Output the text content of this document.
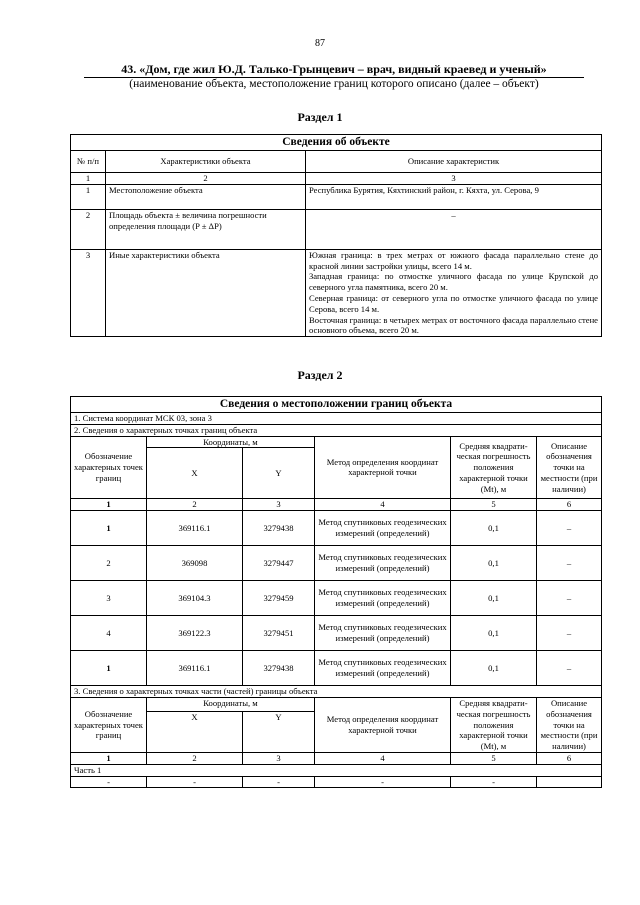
87
43. «Дом, где жил Ю.Д. Талько-Грынцевич – врач, видный краевед и ученый»
(наименование объекта, местоположение границ которого описано (далее – объект)
Раздел 1
Сведения об объекте		
№ п/п	Характеристики объекта	Описание характеристик
1	2	3
1	Местоположение объекта	Республика Бурятия, Кяхтинский район, г. Кяхта, ул. Серова, 9
2	Площадь объекта ± величина погрешности определения площади (P ± ΔP)	–
3	Иные характеристики объекта	Южная граница: в трех метрах от южного фасада параллельно стене до красной линии застройки улицы, всего 14 м.
Западная граница: по отмостке уличного фасада по улице Крупской до северного угла памятника, всего 20 м.
Северная граница: от северного угла по отмостке уличного фасада по улице Серова, всего 14 м.
Восточная граница: в четырех метрах от восточного фасада параллельно стене основного объема, всего 20 м.
Раздел 2
Сведения о местоположении границ объекта					
1. Система координат МСК 03, зона 3					
2. Сведения о характерных точках границ объекта					
Обозначение характерных точек границ	Координаты, м		Метод определения координат характерной точки	Средняя квадрати-ческая погрешность положения характерной точки (Mt), м	Описание обозначения точки на местности (при наличии)
	X	Y			
1	2	3	4	5	6
1	369116.1	3279438	Метод спутниковых геодезических измерений (определений)	0,1	–
2	369098	3279447	Метод спутниковых геодезических измерений (определений)	0,1	–
3	369104.3	3279459	Метод спутниковых геодезических измерений (определений)	0,1	–
4	369122.3	3279451	Метод спутниковых геодезических измерений (определений)	0,1	–
1	369116.1	3279438	Метод спутниковых геодезических измерений (определений)	0,1	–
3. Сведения о характерных точках части (частей) границы объекта					
Обозначение характерных точек границ	Координаты, м		Метод определения координат характерной точки	Средняя квадрати-ческая погрешность положения характерной точки (Mt), м	Описание обозначения точки на местности (при наличии)
	X	Y			
1	2	3	4	5	6
Часть 1					
-	-	-	-	-	
